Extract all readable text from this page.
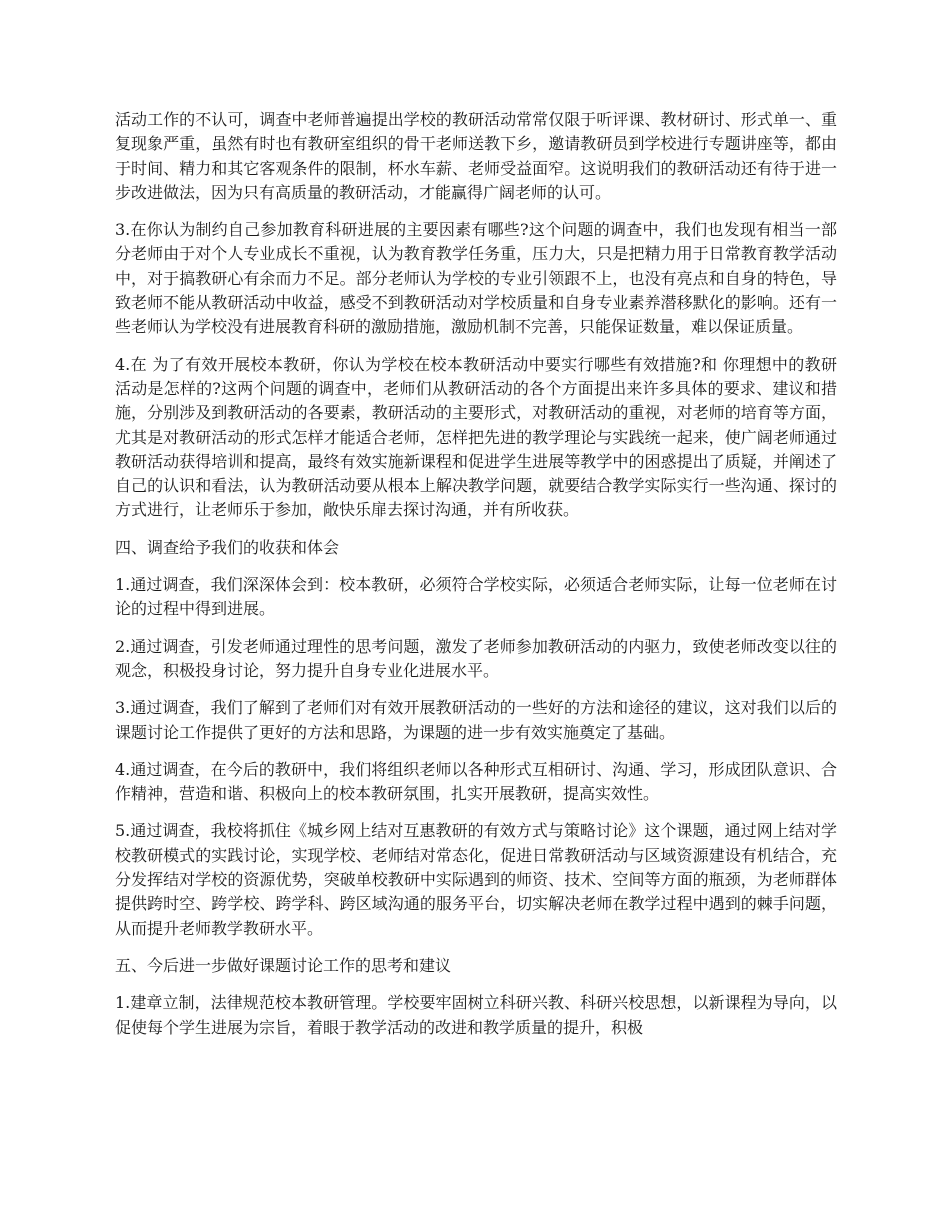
活动工作的不认可，调查中老师普遍提出学校的教研活动常常仅限于听评课、教材研讨、形式单一、重复现象严重，虽然有时也有教研室组织的骨干老师送教下乡，邀请教研员到学校进行专题讲座等，都由于时间、精力和其它客观条件的限制，杯水车薪、老师受益面窄。这说明我们的教研活动还有待于进一步改进做法，因为只有高质量的教研活动，才能赢得广阔老师的认可。

3.在你认为制约自己参加教育科研进展的主要因素有哪些?这个问题的调查中，我们也发现有相当一部分老师由于对个人专业成长不重视，认为教育教学任务重，压力大，只是把精力用于日常教育教学活动中，对于搞教研心有余而力不足。部分老师认为学校的专业引领跟不上，也没有亮点和自身的特色，导致老师不能从教研活动中收益，感受不到教研活动对学校质量和自身专业素养潜移默化的影响。还有一些老师认为学校没有进展教育科研的激励措施，激励机制不完善，只能保证数量，难以保证质量。

4.在 为了有效开展校本教研，你认为学校在校本教研活动中要实行哪些有效措施?和 你理想中的教研活动是怎样的?这两个问题的调查中，老师们从教研活动的各个方面提出来许多具体的要求、建议和措施，分别涉及到教研活动的各要素，教研活动的主要形式，对教研活动的重视，对老师的培育等方面，尤其是对教研活动的形式怎样才能适合老师，怎样把先进的教学理论与实践统一起来，使广阔老师通过教研活动获得培训和提高，最终有效实施新课程和促进学生进展等教学中的困惑提出了质疑，并阐述了自己的认识和看法，认为教研活动要从根本上解决教学问题，就要结合教学实际实行一些沟通、探讨的方式进行，让老师乐于参加，敞快乐扉去探讨沟通，并有所收获。

四、调查给予我们的收获和体会

1.通过调查，我们深深体会到：校本教研，必须符合学校实际，必须适合老师实际，让每一位老师在讨论的过程中得到进展。

2.通过调查，引发老师通过理性的思考问题，激发了老师参加教研活动的内驱力，致使老师改变以往的观念，积极投身讨论，努力提升自身专业化进展水平。

3.通过调查，我们了解到了老师们对有效开展教研活动的一些好的方法和途径的建议，这对我们以后的课题讨论工作提供了更好的方法和思路，为课题的进一步有效实施奠定了基础。

4.通过调查，在今后的教研中，我们将组织老师以各种形式互相研讨、沟通、学习，形成团队意识、合作精神，营造和谐、积极向上的校本教研氛围，扎实开展教研，提高实效性。

5.通过调查，我校将抓住《城乡网上结对互惠教研的有效方式与策略讨论》这个课题，通过网上结对学校教研模式的实践讨论，实现学校、老师结对常态化，促进日常教研活动与区域资源建设有机结合，充分发挥结对学校的资源优势，突破单校教研中实际遇到的师资、技术、空间等方面的瓶颈，为老师群体提供跨时空、跨学校、跨学科、跨区域沟通的服务平台，切实解决老师在教学过程中遇到的棘手问题，从而提升老师教学教研水平。

五、今后进一步做好课题讨论工作的思考和建议

1.建章立制，法律规范校本教研管理。学校要牢固树立科研兴教、科研兴校思想，以新课程为导向，以促使每个学生进展为宗旨，着眼于教学活动的改进和教学质量的提升，积极
